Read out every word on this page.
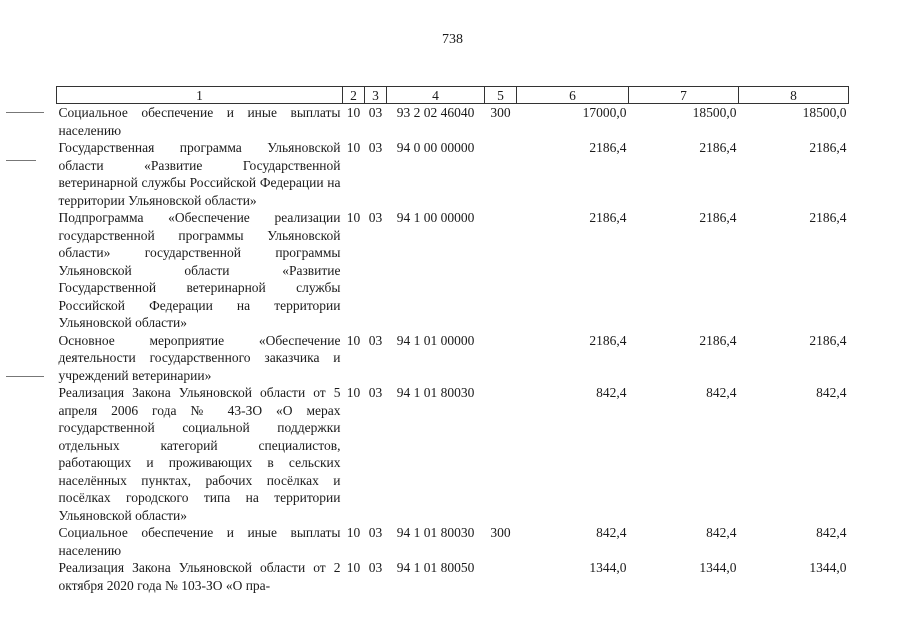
738
1	2	3	4	5	6	7	8
Социальное обеспечение и иные выплаты населению	10	03	93 2 02 46040	300	17000,0	18500,0	18500,0
Государственная программа Ульяновской области «Развитие Государственной ветеринарной службы Российской Федерации на территории Ульяновской области»	10	03	94 0 00 00000		2186,4	2186,4	2186,4
Подпрограмма «Обеспечение реализации государственной программы Ульяновской области» государственной программы Ульяновской области «Развитие Государственной ветеринарной службы Российской Федерации на территории Ульяновской области»	10	03	94 1 00 00000		2186,4	2186,4	2186,4
Основное мероприятие «Обеспечение деятельности государственного заказчика и учреждений ветеринарии»	10	03	94 1 01 00000		2186,4	2186,4	2186,4
Реализация Закона Ульяновской области от 5 апреля 2006 года № 43-ЗО «О мерах государственной социальной поддержки отдельных категорий специалистов, работающих и проживающих в сельских населённых пунктах, рабочих посёлках и посёлках городского типа на территории Ульяновской области»	10	03	94 1 01 80030		842,4	842,4	842,4
Социальное обеспечение и иные выплаты населению	10	03	94 1 01 80030	300	842,4	842,4	842,4
Реализация Закона Ульяновской области от 2 октября 2020 года № 103-ЗО «О пра-	10	03	94 1 01 80050		1344,0	1344,0	1344,0
